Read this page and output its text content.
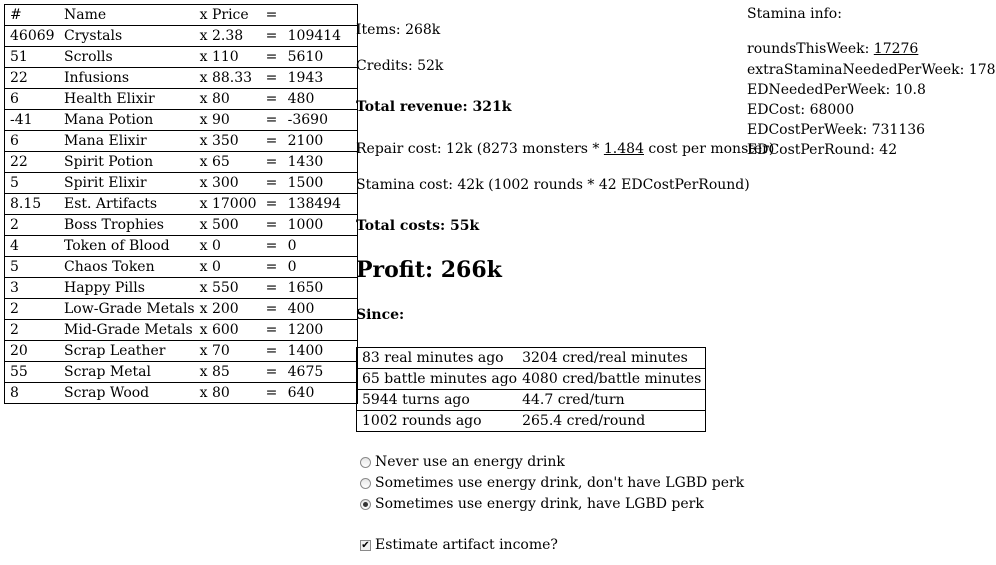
#	Name	x Price	=	
46069	Crystals	x 2.38	=	109414
51	Scrolls	x 110	=	5610
22	Infusions	x 88.33	=	1943
6	Health Elixir	x 80	=	480
-41	Mana Potion	x 90	=	-3690
6	Mana Elixir	x 350	=	2100
22	Spirit Potion	x 65	=	1430
5	Spirit Elixir	x 300	=	1500
8.15	Est. Artifacts	x 17000	=	138494
2	Boss Trophies	x 500	=	1000
4	Token of Blood	x 0	=	0
5	Chaos Token	x 0	=	0
3	Happy Pills	x 550	=	1650
2	Low-Grade Metals	x 200	=	400
2	Mid-Grade Metals	x 600	=	1200
20	Scrap Leather	x 70	=	1400
55	Scrap Metal	x 85	=	4675
8	Scrap Wood	x 80	=	640
Items: 268k
Credits: 52k
Total revenue: 321k
Repair cost: 12k (8273 monsters * 1.484 cost per monster)
Stamina cost: 42k (1002 rounds * 42 EDCostPerRound)
Total costs: 55k
Profit: 266k
Since:
83 real minutes ago	3204 cred/real minutes
65 battle minutes ago	4080 cred/battle minutes
5944 turns ago	44.7 cred/turn
1002 rounds ago	265.4 cred/round
Never use an energy drink
Sometimes use energy drink, don't have LGBD perk
Sometimes use energy drink, have LGBD perk
✔ Estimate artifact income?
Stamina info:
roundsThisWeek: 17276
extraStaminaNeededPerWeek: 178
EDNeededPerWeek: 10.8
EDCost: 68000
EDCostPerWeek: 731136
EDCostPerRound: 42
